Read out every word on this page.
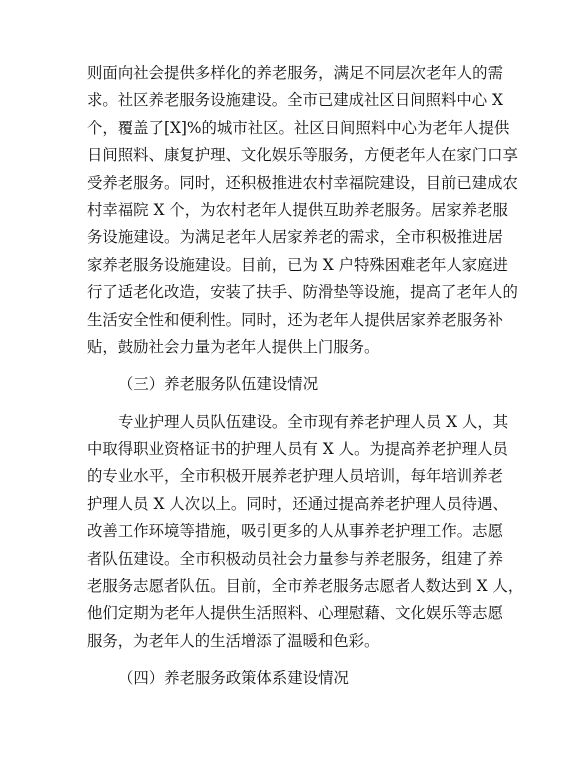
则面向社会提供多样化的养老服务，满足不同层次老年人的需
求。社区养老服务设施建设。全市已建成社区日间照料中心 X
个，覆盖了[X]%的城市社区。社区日间照料中心为老年人提供
日间照料、康复护理、文化娱乐等服务，方便老年人在家门口享
受养老服务。同时，还积极推进农村幸福院建设，目前已建成农
村幸福院 X 个，为农村老年人提供互助养老服务。居家养老服
务设施建设。为满足老年人居家养老的需求，全市积极推进居
家养老服务设施建设。目前，已为 X 户特殊困难老年人家庭进
行了适老化改造，安装了扶手、防滑垫等设施，提高了老年人的
生活安全性和便利性。同时，还为老年人提供居家养老服务补
贴，鼓励社会力量为老年人提供上门服务。
（三）养老服务队伍建设情况
专业护理人员队伍建设。全市现有养老护理人员 X 人，其
中取得职业资格证书的护理人员有 X 人。为提高养老护理人员
的专业水平，全市积极开展养老护理人员培训，每年培训养老
护理人员 X 人次以上。同时，还通过提高养老护理人员待遇、
改善工作环境等措施，吸引更多的人从事养老护理工作。志愿
者队伍建设。全市积极动员社会力量参与养老服务，组建了养
老服务志愿者队伍。目前，全市养老服务志愿者人数达到 X 人，
他们定期为老年人提供生活照料、心理慰藉、文化娱乐等志愿
服务，为老年人的生活增添了温暖和色彩。
（四）养老服务政策体系建设情况
